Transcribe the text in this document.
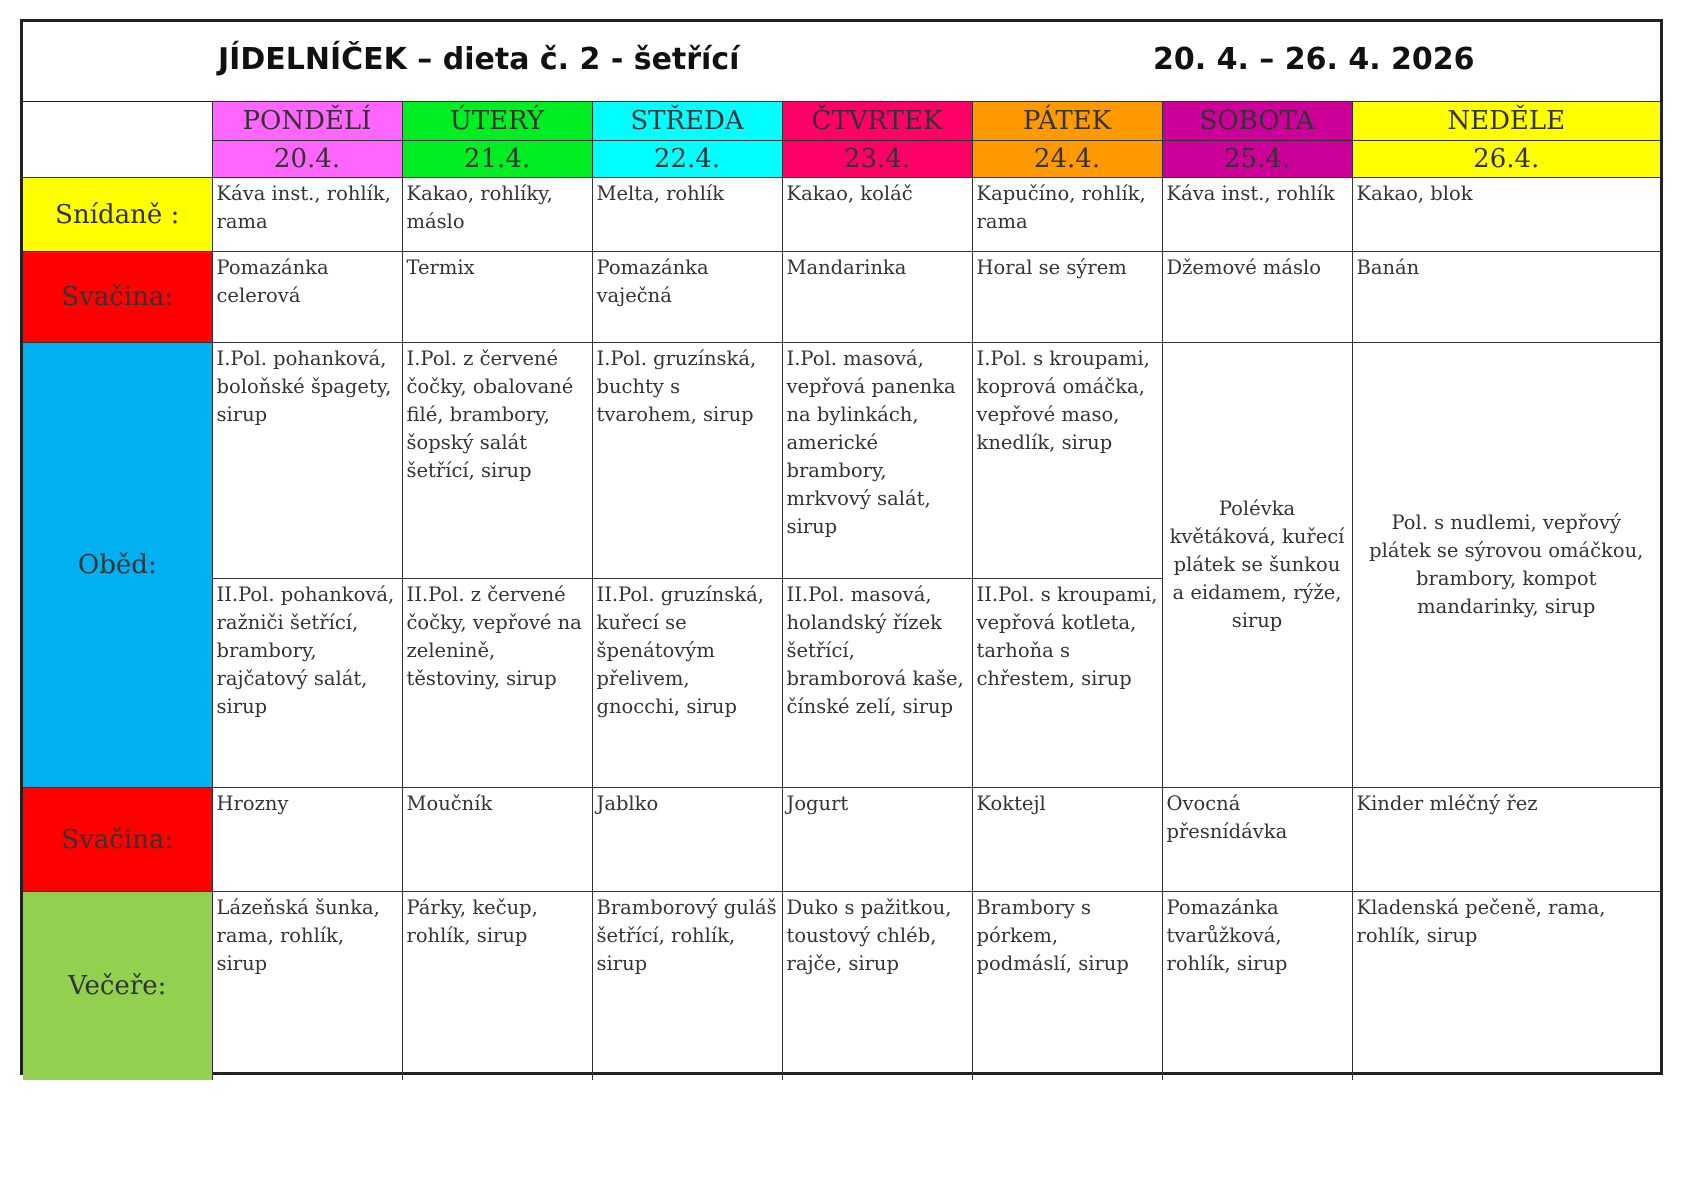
JÍDELNÍČEK – dieta č. 2 - šetřící	20. 4. – 26. 4. 2026
	PONDĚLÍ	ÚTERÝ	STŘEDA	ČTVRTEK	PÁTEK	SOBOTA	NEDĚLE
	20.4.	21.4.	22.4.	23.4.	24.4.	25.4.	26.4.
Snídaně :	Káva inst., rohlík, rama	Kakao, rohlíky, máslo	Melta, rohlík	Kakao, koláč	Kapučíno, rohlík, rama	Káva inst., rohlík	Kakao, blok
Svačina:	Pomazánka celerová	Termix	Pomazánka vaječná	Mandarinka	Horal se sýrem	Džemové máslo	Banán
Oběd:	I.Pol. pohanková, boloňské špagety, sirup	I.Pol. z červené čočky, obalované filé, brambory, šopský salát šetřící, sirup	I.Pol. gruzínská, buchty s tvarohem, sirup	I.Pol. masová, vepřová panenka na bylinkách, americké brambory, mrkvový salát, sirup	I.Pol. s kroupami, koprová omáčka, vepřové maso, knedlík, sirup	Polévka květáková, kuřecí plátek se šunkou a eidamem, rýže, sirup	Pol. s nudlemi, vepřový plátek se sýrovou omáčkou, brambory, kompot mandarinky, sirup
	II.Pol. pohanková, ražniči šetřící, brambory, rajčatový salát, sirup	II.Pol. z červené čočky, vepřové na zelenině, těstoviny, sirup	II.Pol. gruzínská, kuřecí se špenátovým přelivem, gnocchi, sirup	II.Pol. masová, holandský řízek šetřící, bramborová kaše, čínské zelí, sirup	II.Pol. s kroupami, vepřová kotleta, tarhoňa s chřestem, sirup		
Svačina:	Hrozny	Moučník	Jablko	Jogurt	Koktejl	Ovocná přesnídávka	Kinder mléčný řez
Večeře:	Lázeňská šunka, rama, rohlík, sirup	Párky, kečup, rohlík, sirup	Bramborový guláš šetřící, rohlík, sirup	Duko s pažitkou, toustový chléb, rajče, sirup	Brambory s pórkem, podmáslí, sirup	Pomazánka tvarůžková, rohlík, sirup	Kladenská pečeně, rama, rohlík, sirup
